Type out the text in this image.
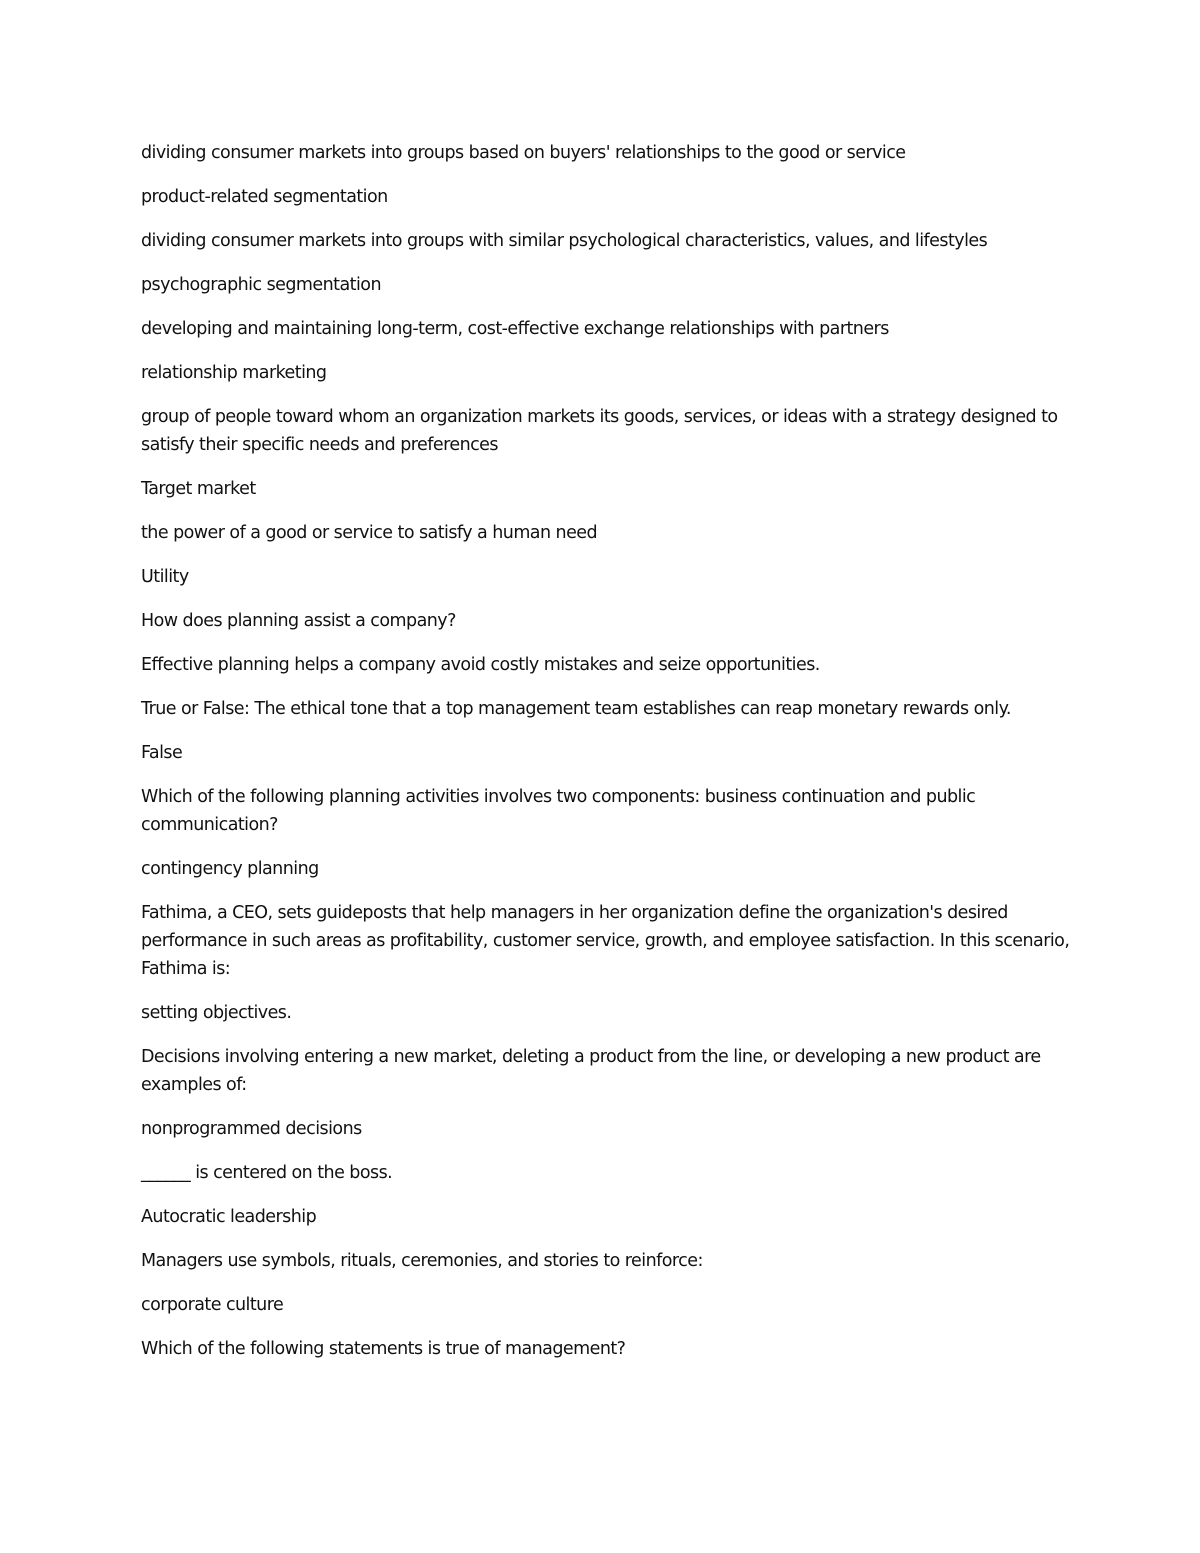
dividing consumer markets into groups based on buyers' relationships to the good or service

product-related segmentation

dividing consumer markets into groups with similar psychological characteristics, values, and lifestyles

psychographic segmentation

developing and maintaining long-term, cost-effective exchange relationships with partners

relationship marketing

group of people toward whom an organization markets its goods, services, or ideas with a strategy designed to satisfy their specific needs and preferences

Target market

the power of a good or service to satisfy a human need

Utility

How does planning assist a company?

Effective planning helps a company avoid costly mistakes and seize opportunities.

True or False: The ethical tone that a top management team establishes can reap monetary rewards only.

False

Which of the following planning activities involves two components: business continuation and public communication?

contingency planning

Fathima, a CEO, sets guideposts that help managers in her organization define the organization's desired performance in such areas as profitability, customer service, growth, and employee satisfaction. In this scenario, Fathima is:

setting objectives.

Decisions involving entering a new market, deleting a product from the line, or developing a new product are examples of:

nonprogrammed decisions

______ is centered on the boss.

Autocratic leadership

Managers use symbols, rituals, ceremonies, and stories to reinforce:

corporate culture

Which of the following statements is true of management?
